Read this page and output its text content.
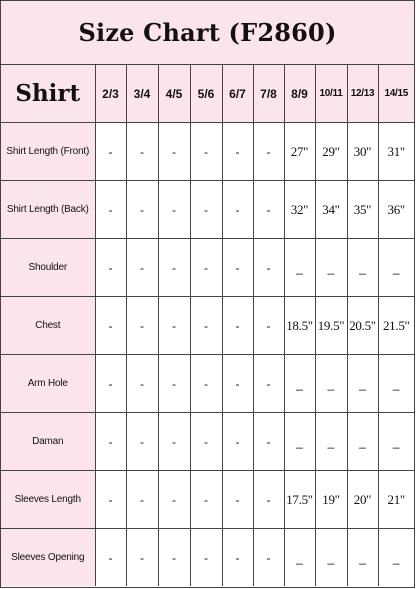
Size Chart (F2860)
Shirt	2/3	3/4	4/5	5/6	6/7	7/8	8/9	10/11	12/13	14/15
Shirt Length (Front)	-	-	-	-	-	-	27"	29"	30"	31"
Shirt Length (Back)	-	-	-	-	-	-	32"	34"	35"	36"
Shoulder	-	-	-	-	-	-	_	_	_	_
Chest	-	-	-	-	-	-	18.5"	19.5"	20.5"	21.5"
Arm Hole	-	-	-	-	-	-	_	_	_	_
Daman	-	-	-	-	-	-	_	_	_	_
Sleeves Length	-	-	-	-	-	-	17.5"	19"	20"	21"
Sleeves Opening	-	-	-	-	-	-	_	_	_	_
